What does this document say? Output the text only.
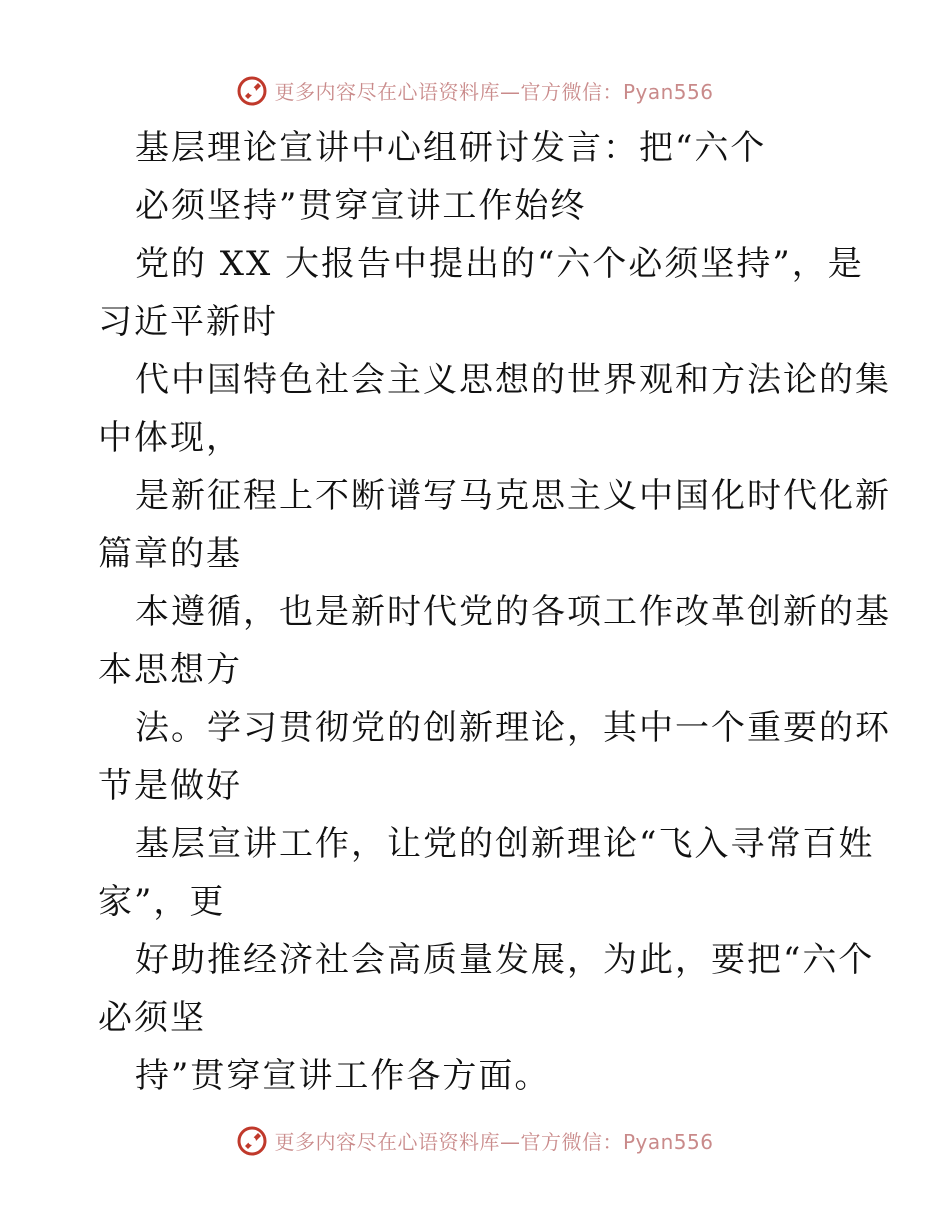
更多内容尽在心语资料库—官方微信：Pyan556
基层理论宣讲中心组研讨发言：把“六个
必须坚持”贯穿宣讲工作始终
党的 XX 大报告中提出的“六个必须坚持”，是
习近平新时
代中国特色社会主义思想的世界观和方法论的集
中体现，
是新征程上不断谱写马克思主义中国化时代化新
篇章的基
本遵循，也是新时代党的各项工作改革创新的基
本思想方
法。学习贯彻党的创新理论，其中一个重要的环
节是做好
基层宣讲工作，让党的创新理论“飞入寻常百姓
家”，更
好助推经济社会高质量发展，为此，要把“六个
必须坚
持”贯穿宣讲工作各方面。
更多内容尽在心语资料库—官方微信：Pyan556
